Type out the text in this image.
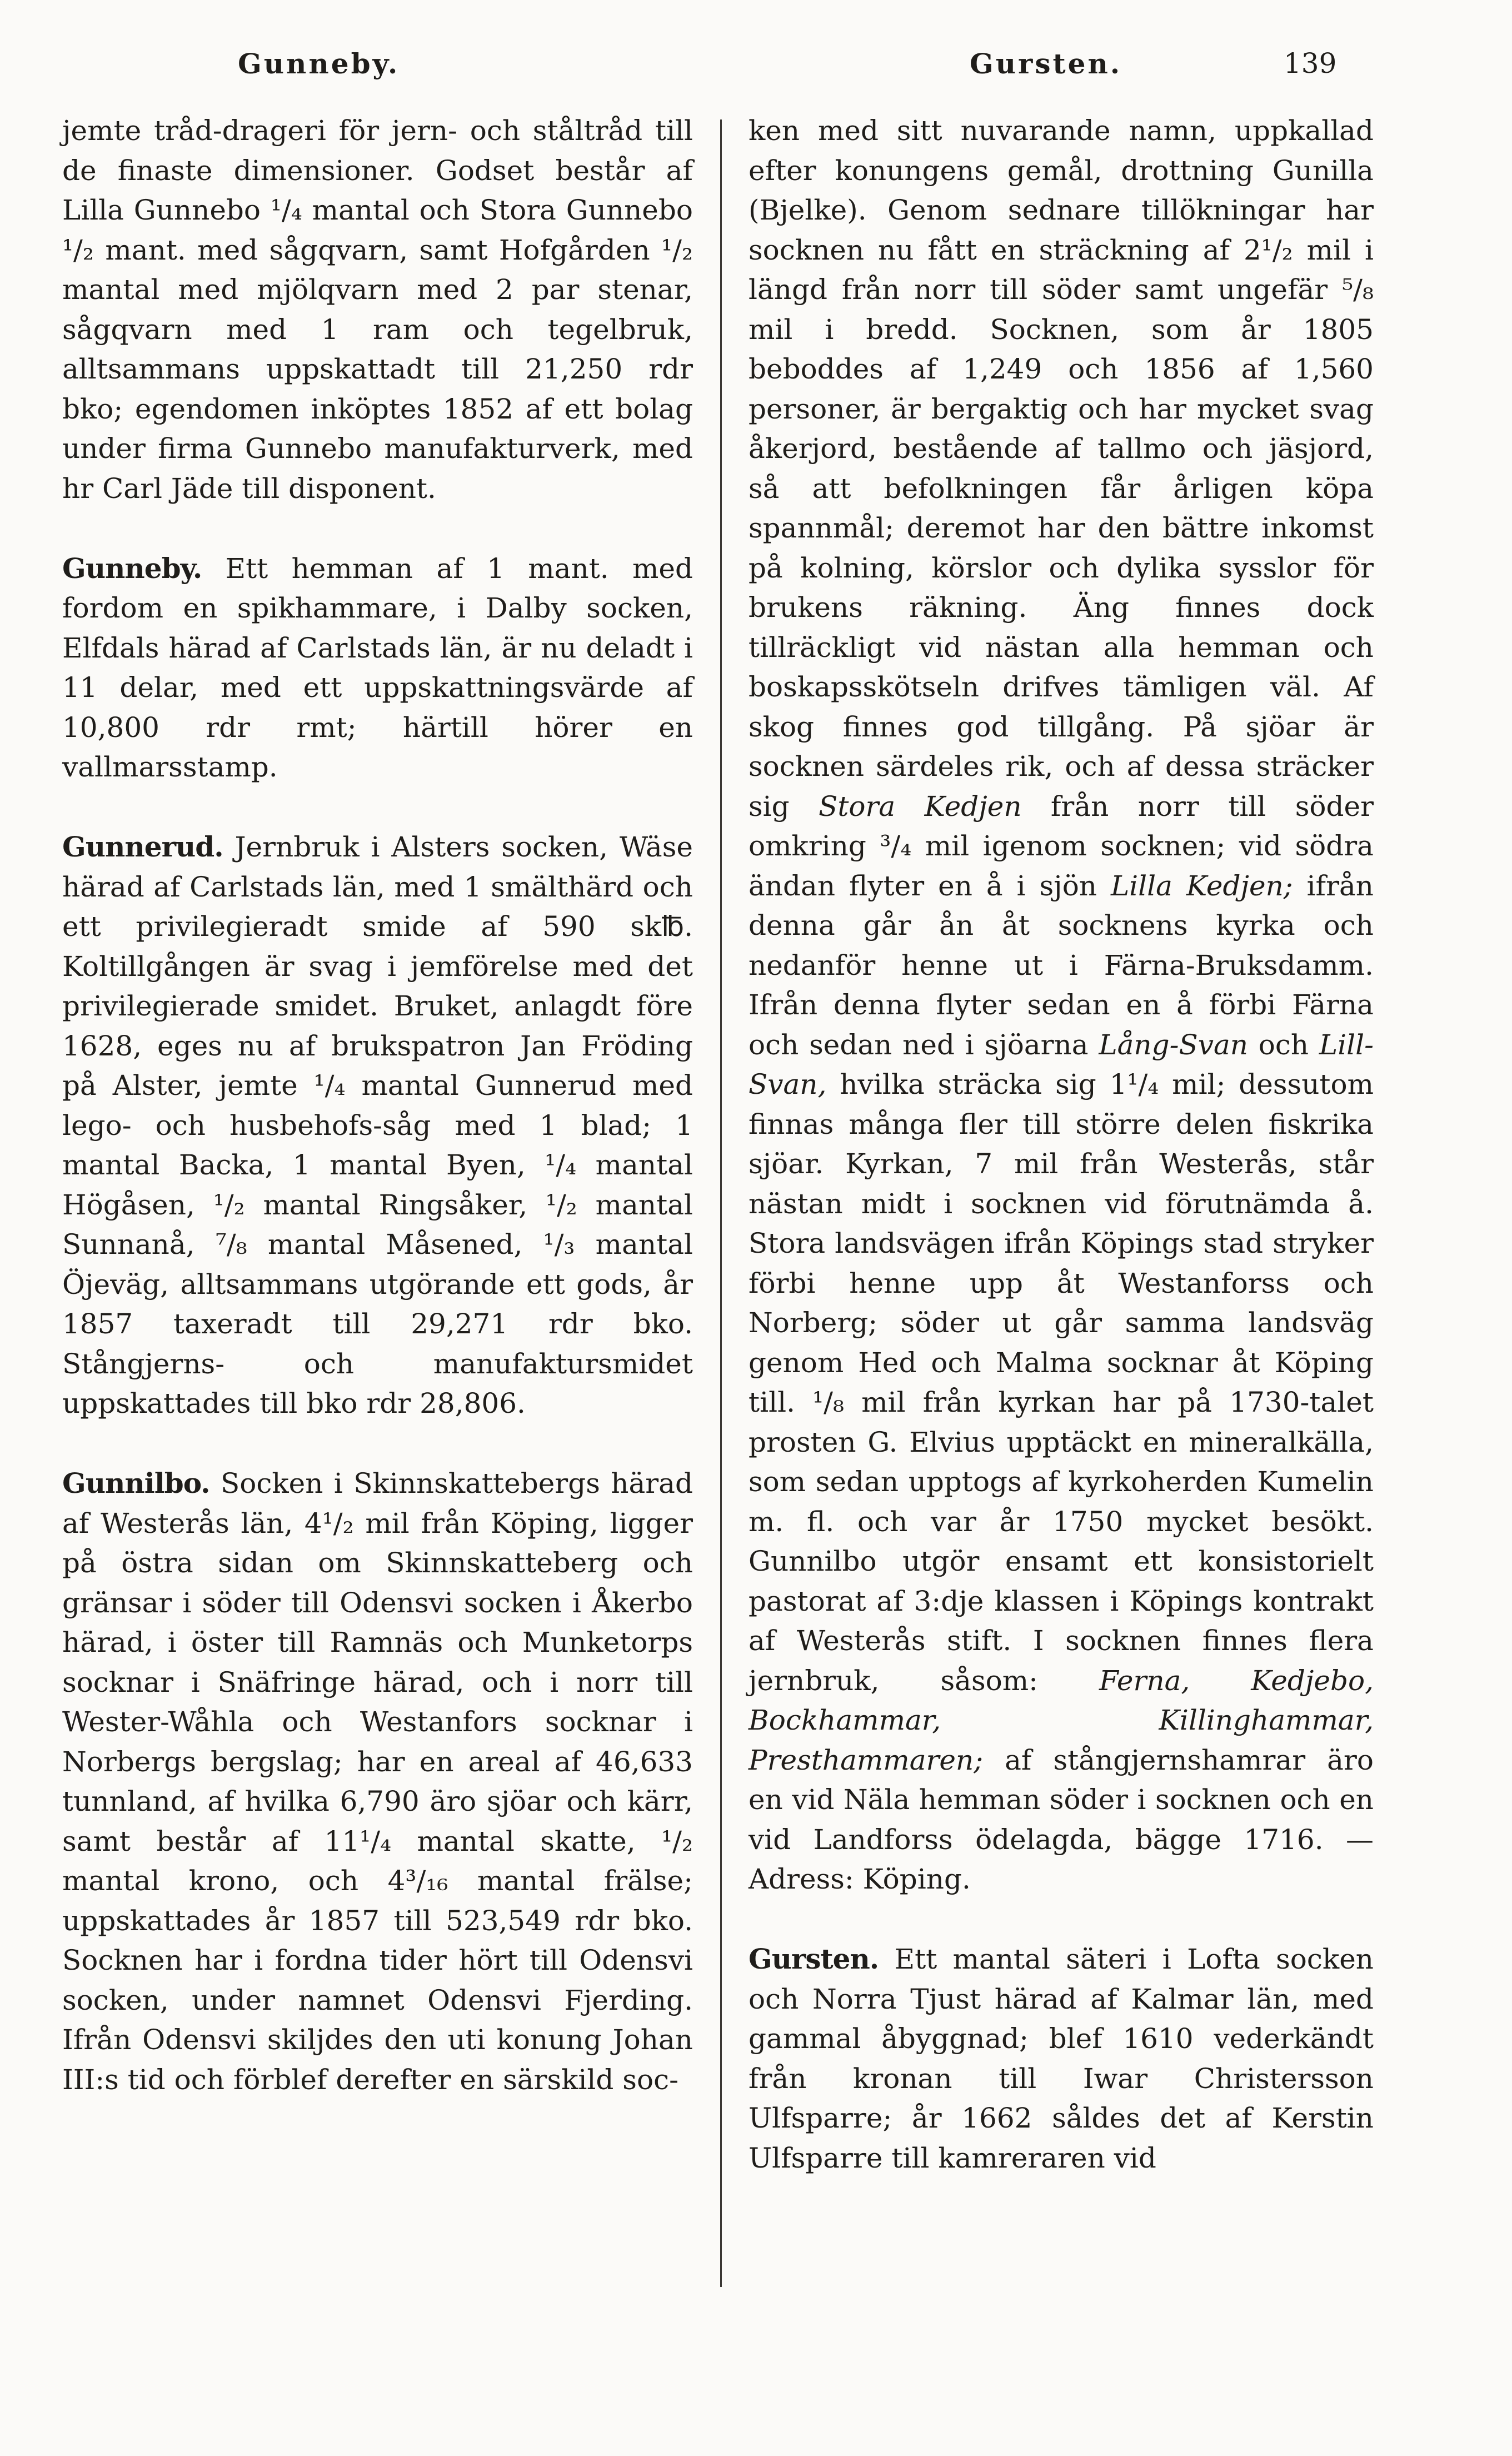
Gunneby.	Gursten.	139

jemte tråd-drageri för jern- och ståltråd till de finaste dimensioner. Godset består af Lilla Gunnebo ¹/₄ mantal och Stora Gunnebo ¹/₂ mant. med sågqvarn, samt Hofgården ¹/₂ mantal med mjölqvarn med 2 par stenar, sågqvarn med 1 ram och tegelbruk, alltsammans uppskattadt till 21,250 rdr bko; egendomen inköptes 1852 af ett bolag under firma Gunnebo manufakturverk, med hr Carl Jäde till disponent.

Gunneby. Ett hemman af 1 mant. med fordom en spikhammare, i Dalby socken, Elfdals härad af Carlstads län, är nu deladt i 11 delar, med ett uppskattningsvärde af 10,800 rdr rmt; härtill hörer en vallmarsstamp.

Gunnerud. Jernbruk i Alsters socken, Wäse härad af Carlstads län, med 1 smälthärd och ett privilegieradt smide af 590 sk℔. Koltillgången är svag i jemförelse med det privilegierade smidet. Bruket, anlagdt före 1628, eges nu af brukspatron Jan Fröding på Alster, jemte ¹/₄ mantal Gunnerud med lego- och husbehofs-såg med 1 blad; 1 mantal Backa, 1 mantal Byen, ¹/₄ mantal Högåsen, ¹/₂ mantal Ringsåker, ¹/₂ mantal Sunnanå, ⁷/₈ mantal Måsened, ¹/₃ mantal Öjeväg, alltsammans utgörande ett gods, år 1857 taxeradt till 29,271 rdr bko. Stångjerns- och manufaktursmidet uppskattades till bko rdr 28,806.

Gunnilbo. Socken i Skinnskattebergs härad af Westerås län, 4¹/₂ mil från Köping, ligger på östra sidan om Skinnskatteberg och gränsar i söder till Odensvi socken i Åkerbo härad, i öster till Ramnäs och Munketorps socknar i Snäfringe härad, och i norr till Wester-Wåhla och Westanfors socknar i Norbergs bergslag; har en areal af 46,633 tunnland, af hvilka 6,790 äro sjöar och kärr, samt består af 11¹/₄ mantal skatte, ¹/₂ mantal krono, och 4³/₁₆ mantal frälse; uppskattades år 1857 till 523,549 rdr bko. Socknen har i fordna tider hört till Odensvi socken, under namnet Odensvi Fjerding. Ifrån Odensvi skiljdes den uti konung Johan III:s tid och förblef derefter en särskild soc-

ken med sitt nuvarande namn, uppkallad efter konungens gemål, drottning Gunilla (Bjelke). Genom sednare tillökningar har socknen nu fått en sträckning af 2¹/₂ mil i längd från norr till söder samt ungefär ⁵/₈ mil i bredd. Socknen, som år 1805 beboddes af 1,249 och 1856 af 1,560 personer, är bergaktig och har mycket svag åkerjord, bestående af tallmo och jäsjord, så att befolkningen får årligen köpa spannmål; deremot har den bättre inkomst på kolning, körslor och dylika sysslor för brukens räkning. Äng finnes dock tillräckligt vid nästan alla hemman och boskapsskötseln drifves tämligen väl. Af skog finnes god tillgång. På sjöar är socknen särdeles rik, och af dessa sträcker sig Stora Kedjen från norr till söder omkring ³/₄ mil igenom socknen; vid södra ändan flyter en å i sjön Lilla Kedjen; ifrån denna går ån åt socknens kyrka och nedanför henne ut i Färna-Bruksdamm. Ifrån denna flyter sedan en å förbi Färna och sedan ned i sjöarna Lång-Svan och Lill-Svan, hvilka sträcka sig 1¹/₄ mil; dessutom finnas många fler till större delen fiskrika sjöar. Kyrkan, 7 mil från Westerås, står nästan midt i socknen vid förutnämda å. Stora landsvägen ifrån Köpings stad stryker förbi henne upp åt Westanforss och Norberg; söder ut går samma landsväg genom Hed och Malma socknar åt Köping till. ¹/₈ mil från kyrkan har på 1730-talet prosten G. Elvius upptäckt en mineralkälla, som sedan upptogs af kyrkoherden Kumelin m. fl. och var år 1750 mycket besökt. Gunnilbo utgör ensamt ett konsistorielt pastorat af 3:dje klassen i Köpings kontrakt af Westerås stift. I socknen finnes flera jernbruk, såsom: Ferna, Kedjebo, Bockhammar, Killinghammar, Presthammaren; af stångjernshamrar äro en vid Näla hemman söder i socknen och en vid Landforss ödelagda, bägge 1716. — Adress: Köping.

Gursten. Ett mantal säteri i Lofta socken och Norra Tjust härad af Kalmar län, med gammal åbyggnad; blef 1610 vederkändt från kronan till Iwar Christersson Ulfsparre; år 1662 såldes det af Kerstin Ulfsparre till kamreraren vid
